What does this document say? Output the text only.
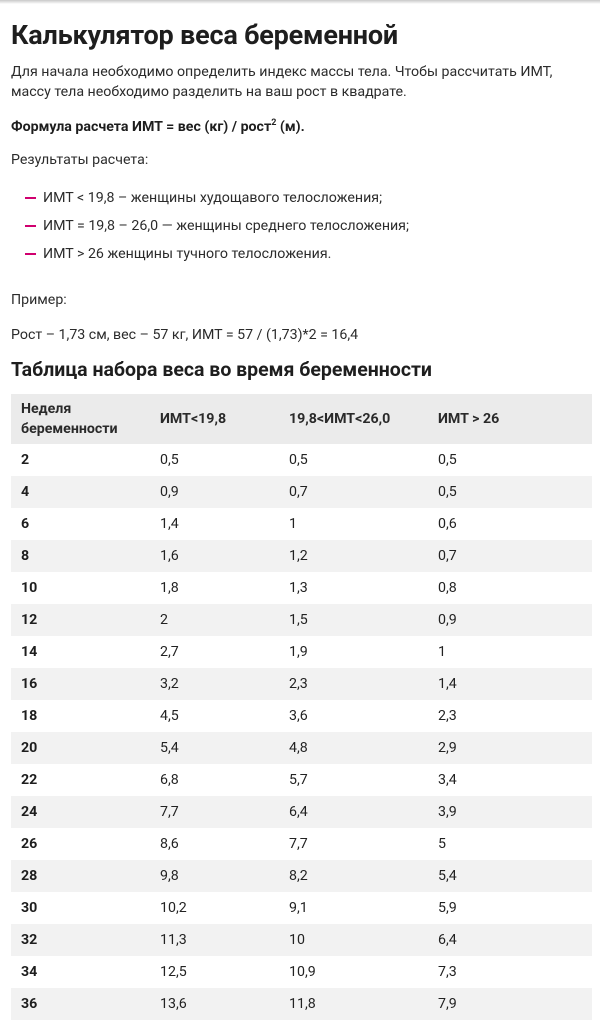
Калькулятор веса беременной

Для начала необходимо определить индекс массы тела. Чтобы рассчитать ИМТ, массу тела необходимо разделить на ваш рост в квадрате.

Формула расчета ИМТ = вес (кг) / рост$^2$ (м).

Результаты расчета:

ИМТ < 19,8 – женщины худощавого телосложения;
ИМТ = 19,8 – 26,0 — женщины среднего телосложения;
ИМТ > 26 женщины тучного телосложения.

Пример:

Рост – 1,73 см, вес – 57 кг, ИМТ = 57 / (1,73)*2 = 16,4

Таблица набора веса во время беременности
Неделя беременности	ИМТ<19,8	19,8<ИМТ<26,0	ИМТ > 26
2	0,5	0,5	0,5
4	0,9	0,7	0,5
6	1,4	1	0,6
8	1,6	1,2	0,7
10	1,8	1,3	0,8
12	2	1,5	0,9
14	2,7	1,9	1
16	3,2	2,3	1,4
18	4,5	3,6	2,3
20	5,4	4,8	2,9
22	6,8	5,7	3,4
24	7,7	6,4	3,9
26	8,6	7,7	5
28	9,8	8,2	5,4
30	10,2	9,1	5,9
32	11,3	10	6,4
34	12,5	10,9	7,3
36	13,6	11,8	7,9
